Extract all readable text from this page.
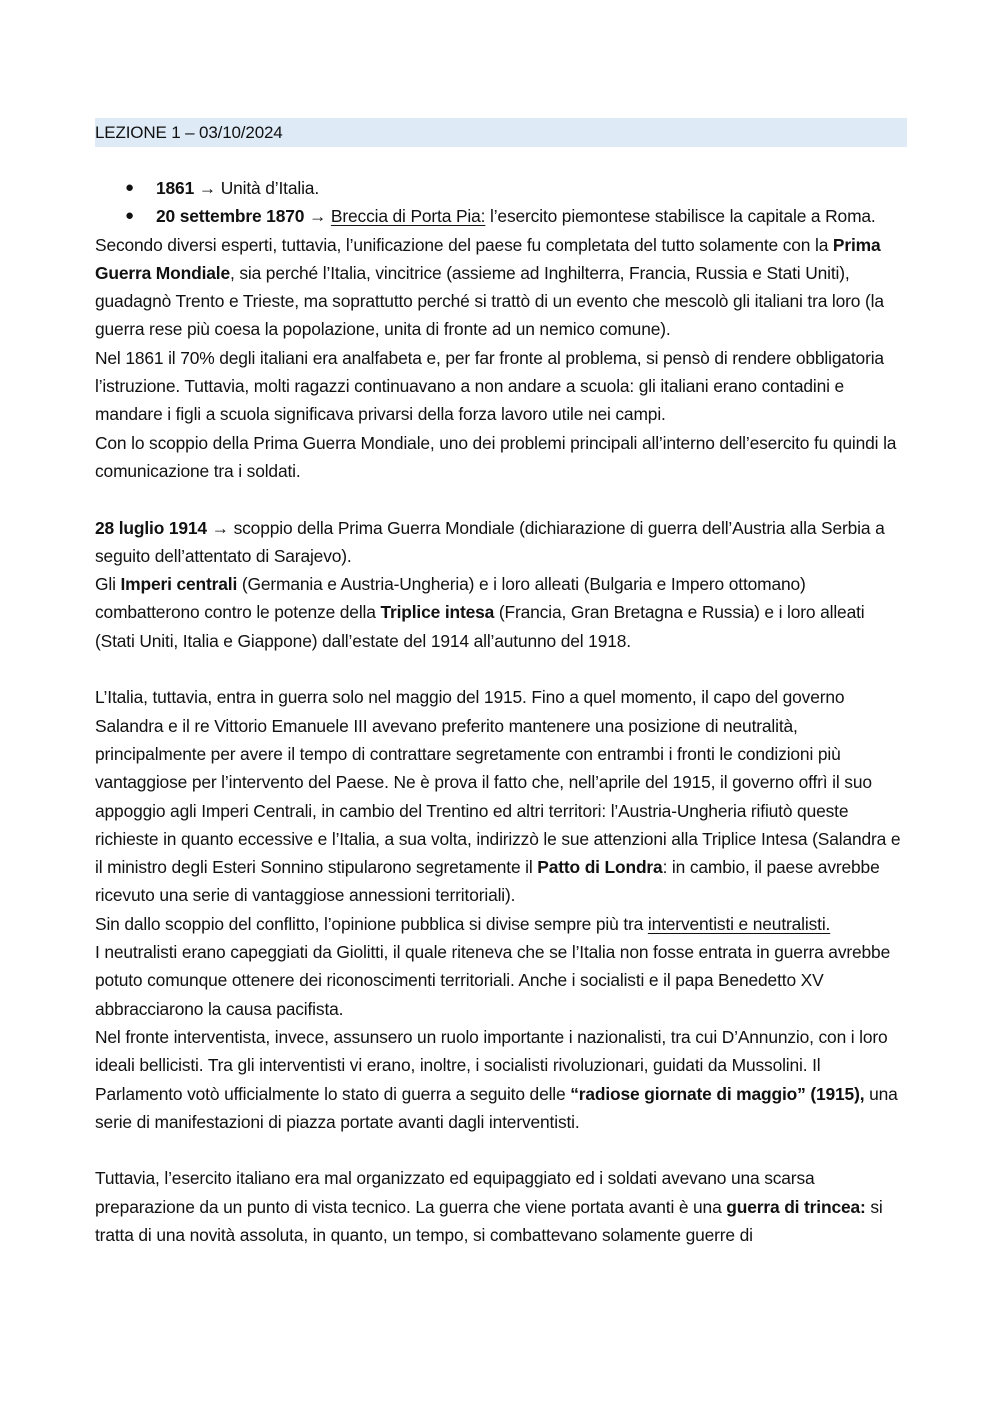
LEZIONE 1 – 03/10/2024
● 1861 → Unità d’Italia.
● 20 settembre 1870 → Breccia di Porta Pia: l’esercito piemontese stabilisce la capitale a Roma.

Secondo diversi esperti, tuttavia, l’unificazione del paese fu completata del tutto solamente con la Prima Guerra Mondiale, sia perché l’Italia, vincitrice (assieme ad Inghilterra, Francia, Russia e Stati Uniti), guadagnò Trento e Trieste, ma soprattutto perché si trattò di un evento che mescolò gli italiani tra loro (la guerra rese più coesa la popolazione, unita di fronte ad un nemico comune).

Nel 1861 il 70% degli italiani era analfabeta e, per far fronte al problema, si pensò di rendere obbligatoria l’istruzione. Tuttavia, molti ragazzi continuavano a non andare a scuola: gli italiani erano contadini e mandare i figli a scuola significava privarsi della forza lavoro utile nei campi.

Con lo scoppio della Prima Guerra Mondiale, uno dei problemi principali all’interno dell’esercito fu quindi la comunicazione tra i soldati.

28 luglio 1914 → scoppio della Prima Guerra Mondiale (dichiarazione di guerra dell’Austria alla Serbia a seguito dell’attentato di Sarajevo).

Gli Imperi centrali (Germania e Austria-Ungheria) e i loro alleati (Bulgaria e Impero ottomano) combatterono contro le potenze della Triplice intesa (Francia, Gran Bretagna e Russia) e i loro alleati (Stati Uniti, Italia e Giappone) dall’estate del 1914 all’autunno del 1918.

L’Italia, tuttavia, entra in guerra solo nel maggio del 1915. Fino a quel momento, il capo del governo Salandra e il re Vittorio Emanuele III avevano preferito mantenere una posizione di neutralità, principalmente per avere il tempo di contrattare segretamente con entrambi i fronti le condizioni più vantaggiose per l’intervento del Paese. Ne è prova il fatto che, nell’aprile del 1915, il governo offrì il suo appoggio agli Imperi Centrali, in cambio del Trentino ed altri territori: l’Austria-Ungheria rifiutò queste richieste in quanto eccessive e l’Italia, a sua volta, indirizzò le sue attenzioni alla Triplice Intesa (Salandra e il ministro degli Esteri Sonnino stipularono segretamente il Patto di Londra: in cambio, il paese avrebbe ricevuto una serie di vantaggiose annessioni territoriali).

Sin dallo scoppio del conflitto, l’opinione pubblica si divise sempre più tra interventisti e neutralisti.

I neutralisti erano capeggiati da Giolitti, il quale riteneva che se l’Italia non fosse entrata in guerra avrebbe potuto comunque ottenere dei riconoscimenti territoriali. Anche i socialisti e il papa Benedetto XV abbracciarono la causa pacifista.

Nel fronte interventista, invece, assunsero un ruolo importante i nazionalisti, tra cui D’Annunzio, con i loro ideali bellicisti. Tra gli interventisti vi erano, inoltre, i socialisti rivoluzionari, guidati da Mussolini. Il Parlamento votò ufficialmente lo stato di guerra a seguito delle “radiose giornate di maggio” (1915), una serie di manifestazioni di piazza portate avanti dagli interventisti.

Tuttavia, l’esercito italiano era mal organizzato ed equipaggiato ed i soldati avevano una scarsa preparazione da un punto di vista tecnico. La guerra che viene portata avanti è una guerra di trincea: si tratta di una novità assoluta, in quanto, un tempo, si combattevano solamente guerre di
